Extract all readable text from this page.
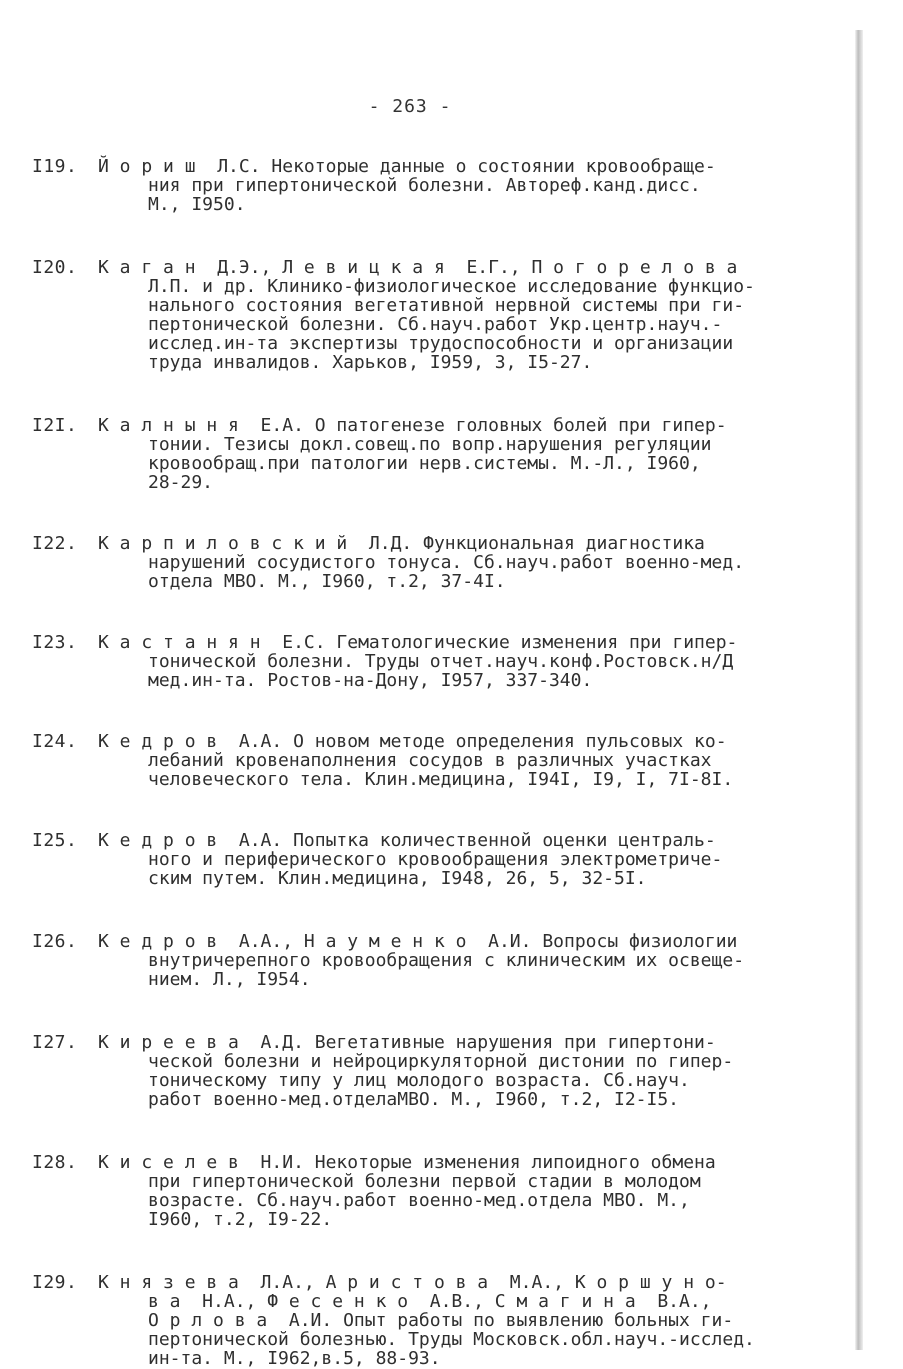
- 263 -
I19.	Й о р и ш  Л.С. Некоторые данные о состоянии кровообраще-
ния при гипертонической болезни. Автореф.канд.дисс.
М., I950.
I20.	К а г а н  Д.Э., Л е в и ц к а я  Е.Г., П о г о р е л о в а
Л.П. и др. Клинико-физиологическое исследование функцио-
нального состояния вегетативной нервной системы при ги-
пертонической болезни. Сб.науч.работ Укр.центр.науч.-
исслед.ин-та экспертизы трудоспособности и организации
труда инвалидов. Харьков, I959, 3, I5-27.
I2I.	К а л н ы н я  Е.А. О патогенезе головных болей при гипер-
тонии. Тезисы докл.совещ.по вопр.нарушения регуляции
кровообращ.при патологии нерв.системы. М.-Л., I960,
28-29.
I22.	К а р п и л о в с к и й  Л.Д. Функциональная диагностика
нарушений сосудистого тонуса. Сб.науч.работ военно-мед.
отдела МВО. М., I960, т.2, 37-4I.
I23.	К а с т а н я н  Е.С. Гематологические изменения при гипер-
тонической болезни. Труды отчет.науч.конф.Ростовск.н/Д
мед.ин-та. Ростов-на-Дону, I957, 337-340.
I24.	К е д р о в  А.А. О новом методе определения пульсовых ко-
лебаний кровенаполнения сосудов в различных участках
человеческого тела. Клин.медицина, I94I, I9, I, 7I-8I.
I25.	К е д р о в  А.А. Попытка количественной оценки централь-
ного и периферического кровообращения электрометриче-
ским путем. Клин.медицина, I948, 26, 5, 32-5I.
I26.	К е д р о в  А.А., Н а у м е н к о  А.И. Вопросы физиологии
внутричерепного кровообращения с клиническим их освеще-
нием. Л., I954.
I27.	К и р е е в а  А.Д. Вегетативные нарушения при гипертони-
ческой болезни и нейроциркуляторной дистонии по гипер-
тоническому типу у лиц молодого возраста. Сб.науч.
работ военно-мед.отделаМВО. М., I960, т.2, I2-I5.
I28.	К и с е л е в  Н.И. Некоторые изменения липоидного обмена
при гипертонической болезни первой стадии в молодом
возрасте. Сб.науч.работ военно-мед.отдела МВО. М.,
I960, т.2, I9-22.
I29.	К н я з е в а  Л.А., А р и с т о в а  М.А., К о р ш у н о-
в а  Н.А., Ф е с е н к о  А.В., С м а г и н а  В.А.,
О р л о в а  А.И. Опыт работы по выявлению больных ги-
пертонической болезнью. Труды Московск.обл.науч.-исслед.
ин-та. М., I962,в.5, 88-93.
